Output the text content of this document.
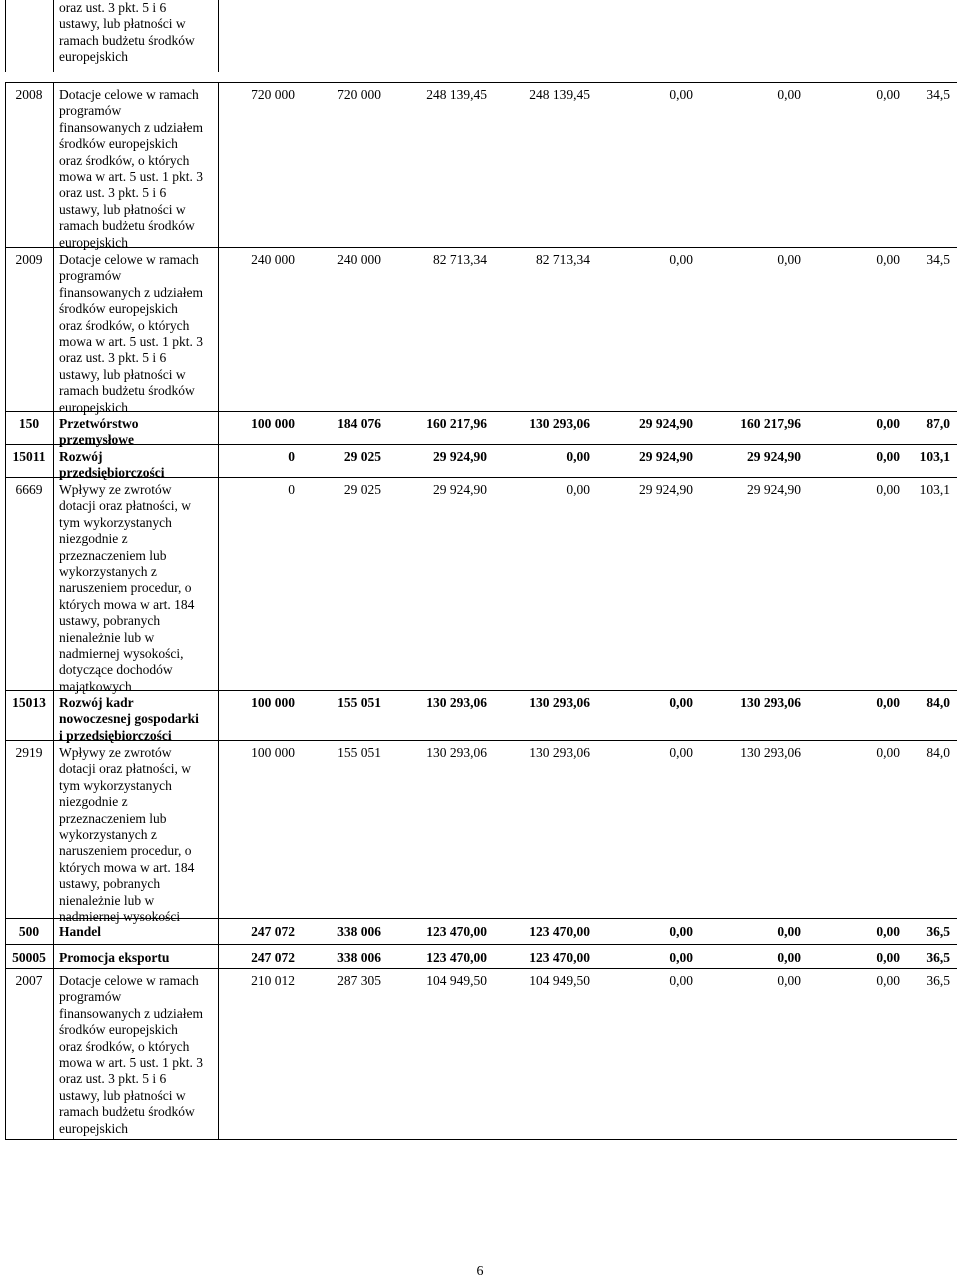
oraz ust. 3 pkt. 5 i 6
ustawy, lub płatności w
ramach budżetu środków
europejskich
2008	Dotacje celowe w ramach
programów
finansowanych z udziałem
środków europejskich
oraz środków, o których
mowa w art. 5 ust. 1 pkt. 3
oraz ust. 3 pkt. 5 i 6
ustawy, lub płatności w
ramach budżetu środków
europejskich
720 000	720 000	248 139,45	248 139,45	0,00	0,00	0,00 34,5
2009	Dotacje celowe w ramach
programów
finansowanych z udziałem
środków europejskich
oraz środków, o których
mowa w art. 5 ust. 1 pkt. 3
oraz ust. 3 pkt. 5 i 6
ustawy, lub płatności w
ramach budżetu środków
europejskich
240 000	240 000	82 713,34	82 713,34	0,00	0,00	0,00 34,5
150	Przetwórstwo
przemysłowe
100 000	184 076	160 217,96	130 293,06	29 924,90	160 217,96	0,00 87,0
15011	Rozwój
przedsiębiorczości
0	29 025	29 924,90	0,00	29 924,90	29 924,90	0,00 103,1
6669	Wpływy ze zwrotów
dotacji oraz płatności, w
tym wykorzystanych
niezgodnie z
przeznaczeniem lub
wykorzystanych z
naruszeniem procedur, o
których mowa w art. 184
ustawy, pobranych
nienależnie lub w
nadmiernej wysokości,
dotyczące dochodów
majątkowych
0	29 025	29 924,90	0,00	29 924,90	29 924,90	0,00 103,1
15013 Rozwój kadr
nowoczesnej gospodarki
i przedsiębiorczości
100 000	155 051	130 293,06	130 293,06	0,00	130 293,06	0,00 84,0
2919	Wpływy ze zwrotów
dotacji oraz płatności, w
tym wykorzystanych
niezgodnie z
przeznaczeniem lub
wykorzystanych z
naruszeniem procedur, o
których mowa w art. 184
ustawy, pobranych
nienależnie lub w
nadmiernej wysokości
100 000	155 051	130 293,06	130 293,06	0,00	130 293,06	0,00 84,0
500	Handel	247 072	338 006	123 470,00	123 470,00	0,00	0,00	0,00 36,5
50005 Promocja eksportu	247 072	338 006	123 470,00	123 470,00	0,00	0,00	0,00 36,5
2007	Dotacje celowe w ramach
programów
finansowanych z udziałem
środków europejskich
oraz środków, o których
mowa w art. 5 ust. 1 pkt. 3
oraz ust. 3 pkt. 5 i 6
ustawy, lub płatności w
ramach budżetu środków
europejskich
210 012	287 305	104 949,50	104 949,50	0,00	0,00	0,00 36,5
6
